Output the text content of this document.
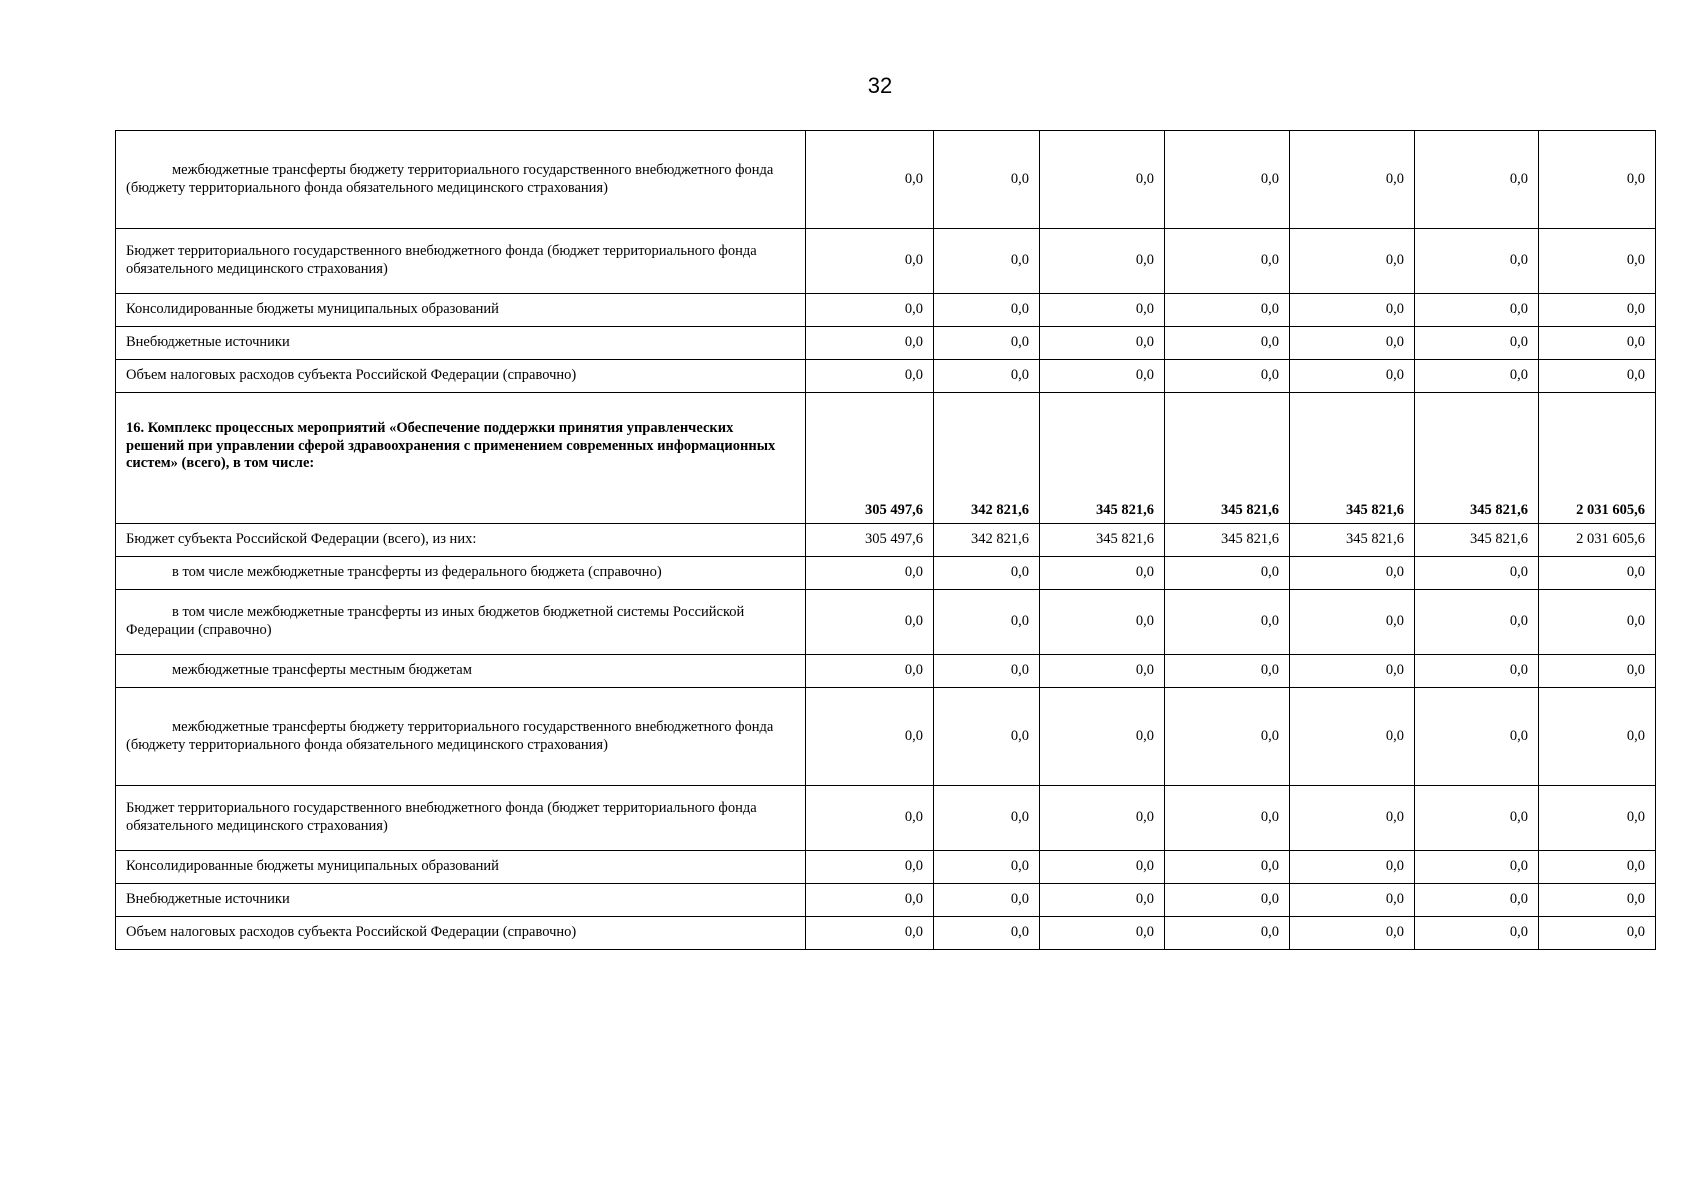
32
межбюджетные трансферты бюджету территориального государственного внебюджетного фонда (бюджету территориального фонда обязательного медицинского страхования)	0,0	0,0	0,0	0,0	0,0	0,0	0,0
Бюджет территориального государственного внебюджетного фонда (бюджет территориального фонда обязательного медицинского страхования)	0,0	0,0	0,0	0,0	0,0	0,0	0,0
Консолидированные бюджеты муниципальных образований	0,0	0,0	0,0	0,0	0,0	0,0	0,0
Внебюджетные источники	0,0	0,0	0,0	0,0	0,0	0,0	0,0
Объем налоговых расходов субъекта Российской Федерации (справочно)	0,0	0,0	0,0	0,0	0,0	0,0	0,0
16. Комплекс процессных мероприятий «Обеспечение поддержки принятия управленческих решений при управлении сферой здравоохранения с применением современных информационных систем» (всего), в том числе:	305 497,6	342 821,6	345 821,6	345 821,6	345 821,6	345 821,6	2 031 605,6
Бюджет субъекта Российской Федерации (всего), из них:	305 497,6	342 821,6	345 821,6	345 821,6	345 821,6	345 821,6	2 031 605,6
в том числе межбюджетные трансферты из федерального бюджета (справочно)	0,0	0,0	0,0	0,0	0,0	0,0	0,0
в том числе межбюджетные трансферты из иных бюджетов бюджетной системы Российской Федерации (справочно)	0,0	0,0	0,0	0,0	0,0	0,0	0,0
межбюджетные трансферты местным бюджетам	0,0	0,0	0,0	0,0	0,0	0,0	0,0
межбюджетные трансферты бюджету территориального государственного внебюджетного фонда (бюджету территориального фонда обязательного медицинского страхования)	0,0	0,0	0,0	0,0	0,0	0,0	0,0
Бюджет территориального государственного внебюджетного фонда (бюджет территориального фонда обязательного медицинского страхования)	0,0	0,0	0,0	0,0	0,0	0,0	0,0
Консолидированные бюджеты муниципальных образований	0,0	0,0	0,0	0,0	0,0	0,0	0,0
Внебюджетные источники	0,0	0,0	0,0	0,0	0,0	0,0	0,0
Объем налоговых расходов субъекта Российской Федерации (справочно)	0,0	0,0	0,0	0,0	0,0	0,0	0,0
